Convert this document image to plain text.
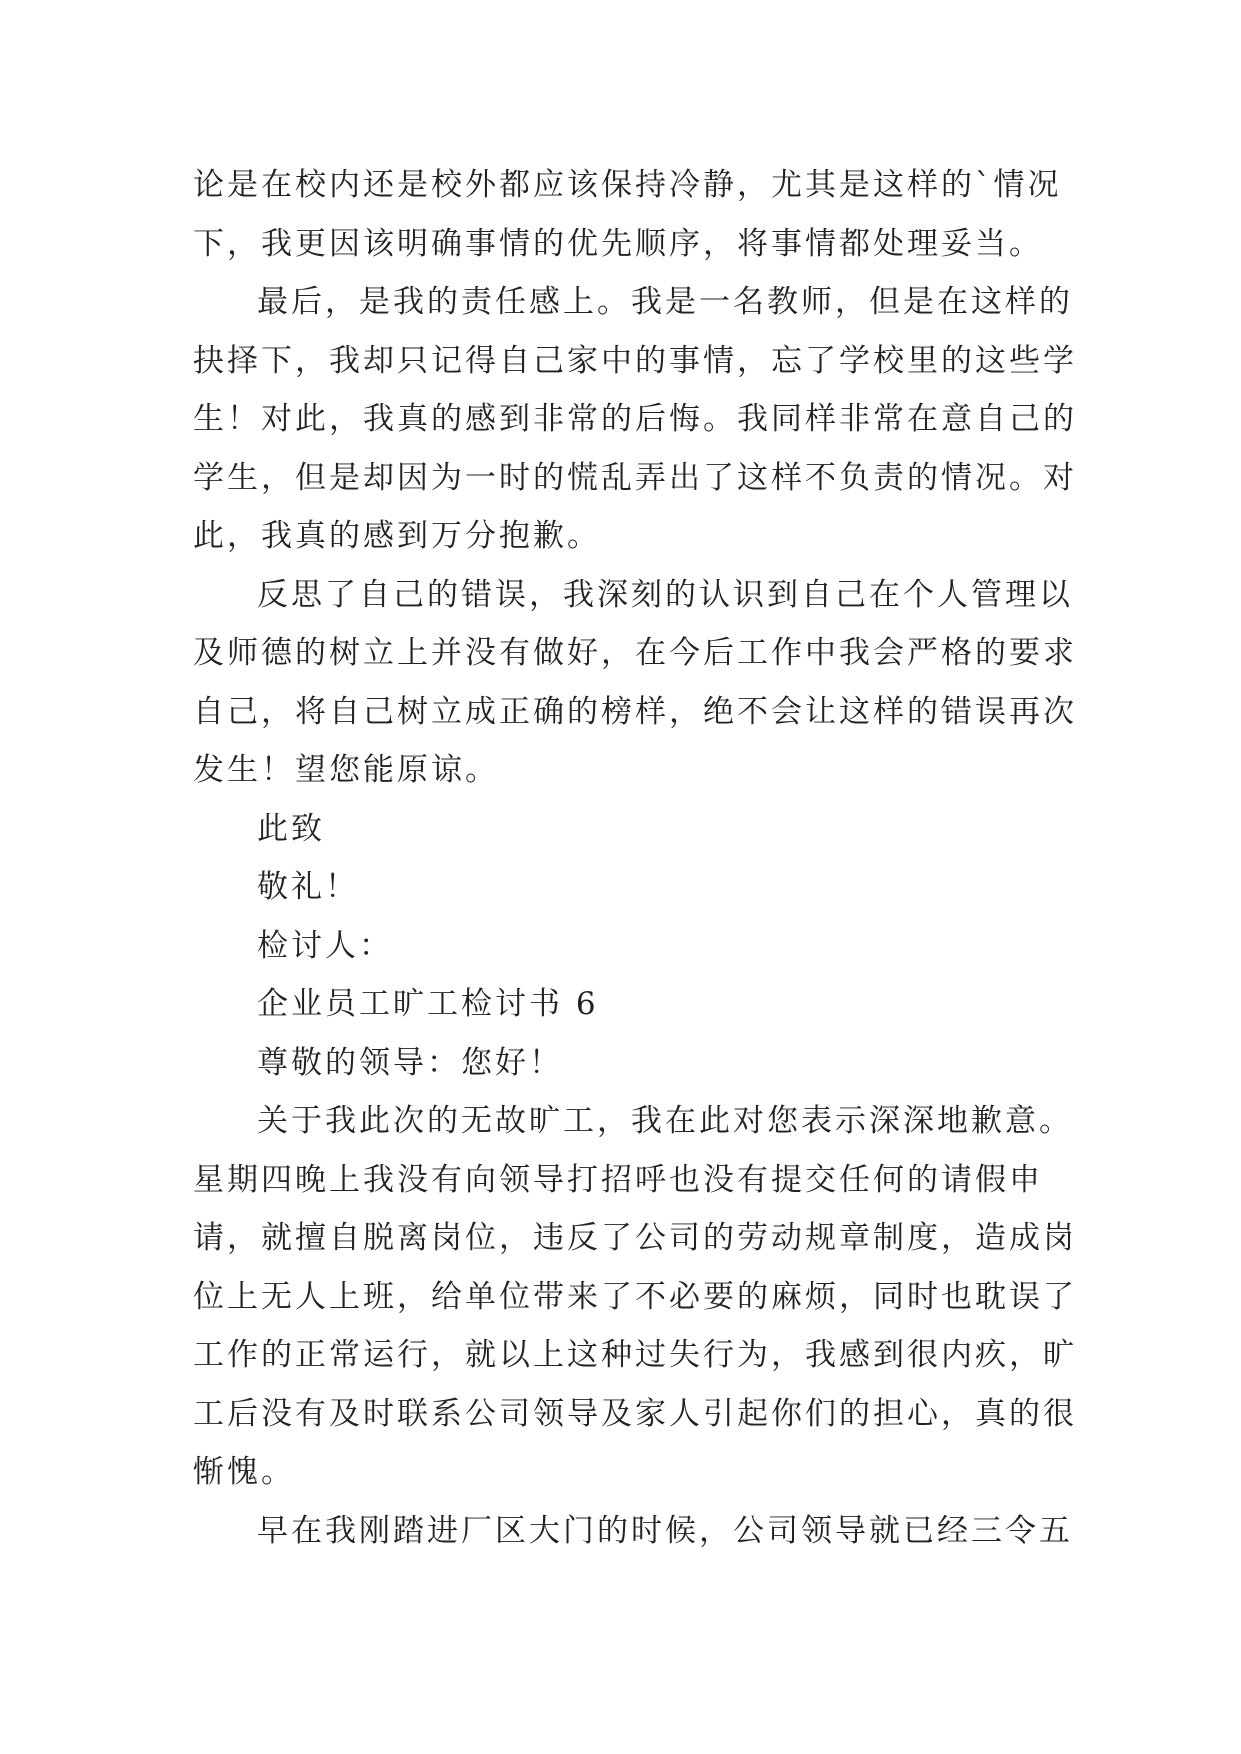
论是在校内还是校外都应该保持冷静，尤其是这样的`情况
下，我更因该明确事情的优先顺序，将事情都处理妥当。
最后，是我的责任感上。我是一名教师，但是在这样的
抉择下，我却只记得自己家中的事情，忘了学校里的这些学
生！对此，我真的感到非常的后悔。我同样非常在意自己的
学生，但是却因为一时的慌乱弄出了这样不负责的情况。对
此，我真的感到万分抱歉。
反思了自己的错误，我深刻的认识到自己在个人管理以
及师德的树立上并没有做好，在今后工作中我会严格的要求
自己，将自己树立成正确的榜样，绝不会让这样的错误再次
发生！望您能原谅。
此致
敬礼！
检讨人：
企业员工旷工检讨书 6
尊敬的领导：您好！
关于我此次的无故旷工，我在此对您表示深深地歉意。
星期四晚上我没有向领导打招呼也没有提交任何的请假申
请，就擅自脱离岗位，违反了公司的劳动规章制度，造成岗
位上无人上班，给单位带来了不必要的麻烦，同时也耽误了
工作的正常运行，就以上这种过失行为，我感到很内疚，旷
工后没有及时联系公司领导及家人引起你们的担心，真的很
惭愧。
早在我刚踏进厂区大门的时候，公司领导就已经三令五
